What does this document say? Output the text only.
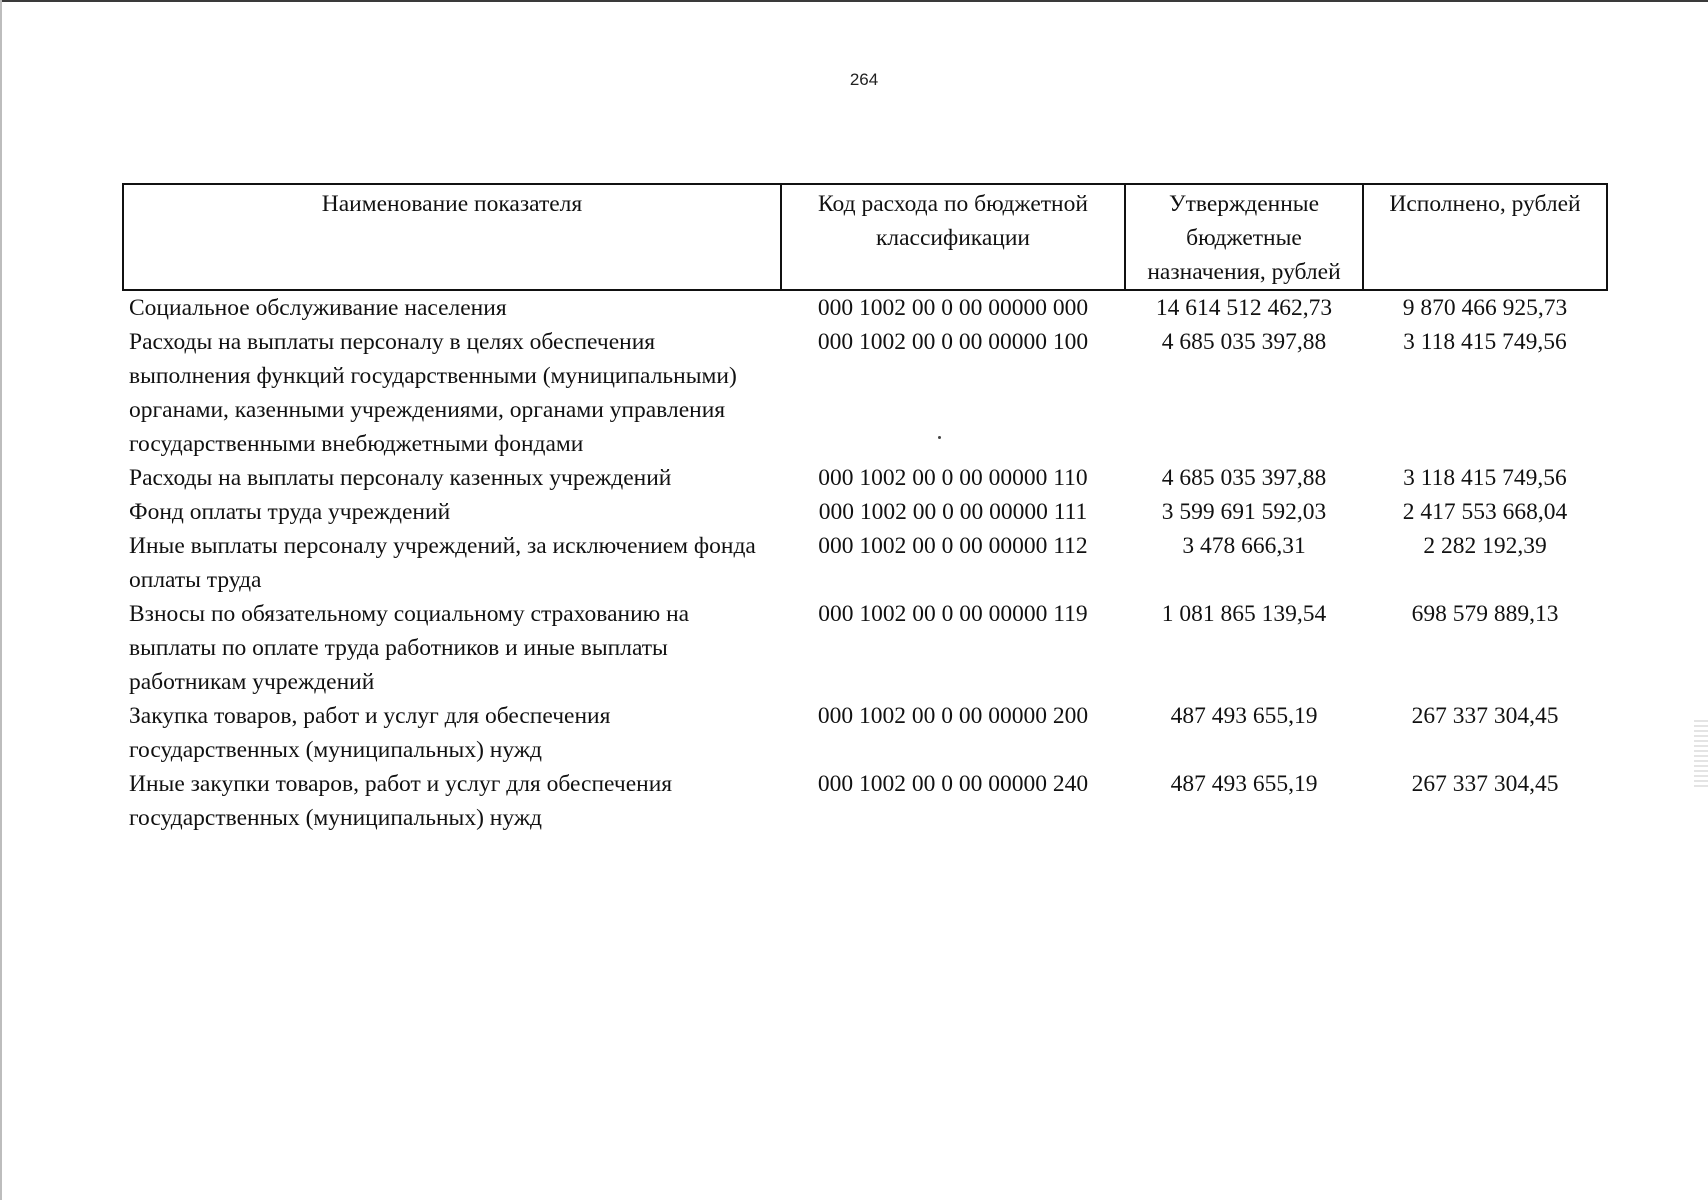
264
Наименование показателя	Код расхода по бюджетной классификации	Утвержденные бюджетные назначения, рублей	Исполнено, рублей
Социальное обслуживание населения	000 1002 00 0 00 00000 000	14 614 512 462,73	9 870 466 925,73
Расходы на выплаты персоналу в целях обеспечения выполнения функций государственными (муниципальными) органами, казенными учреждениями, органами управления государственными внебюджетными фондами	000 1002 00 0 00 00000 100	4 685 035 397,88	3 118 415 749,56
Расходы на выплаты персоналу казенных учреждений	000 1002 00 0 00 00000 110	4 685 035 397,88	3 118 415 749,56
Фонд оплаты труда учреждений	000 1002 00 0 00 00000 111	3 599 691 592,03	2 417 553 668,04
Иные выплаты персоналу учреждений, за исключением фонда оплаты труда	000 1002 00 0 00 00000 112	3 478 666,31	2 282 192,39
Взносы по обязательному социальному страхованию на выплаты по оплате труда работников и иные выплаты работникам учреждений	000 1002 00 0 00 00000 119	1 081 865 139,54	698 579 889,13
Закупка товаров, работ и услуг для обеспечения государственных (муниципальных) нужд	000 1002 00 0 00 00000 200	487 493 655,19	267 337 304,45
Иные закупки товаров, работ и услуг для обеспечения государственных (муниципальных) нужд	000 1002 00 0 00 00000 240	487 493 655,19	267 337 304,45
